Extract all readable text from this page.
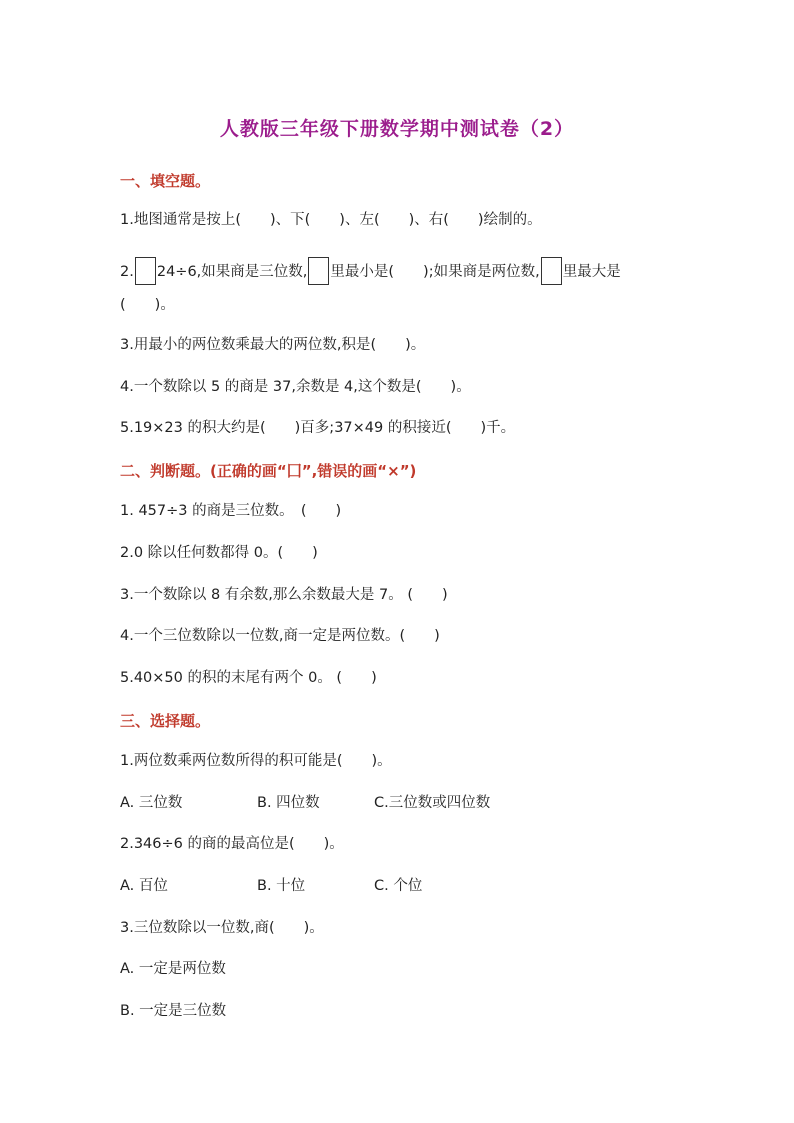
人教版三年级下册数学期中测试卷（2）
一、填空题。
1.地图通常是按上(　　)、下(　　)、左(　　)、右(　　)绘制的。
2. 24÷6,如果商是三位数, 里最小是(　　);如果商是两位数, 里最大是
(　　)。
3.用最小的两位数乘最大的两位数,积是(　　)。
4.一个数除以 5 的商是 37,余数是 4,这个数是(　　)。
5.19×23 的积大约是(　　)百多;37×49 的积接近(　　)千。
二、判断题。(正确的画“囗”,错误的画“×”)
1. 457÷3 的商是三位数。　(　　)
2.0 除以任何数都得 0。(　　)
3.一个数除以 8 有余数,那么余数最大是 7。 (　　)
4.一个三位数除以一位数,商一定是两位数。(　　)
5.40×50 的积的末尾有两个 0。 (　　)
三、选择题。
1.两位数乘两位数所得的积可能是(　　)。
A. 三位数	B. 四位数	C.三位数或四位数
2.346÷6 的商的最高位是(　　)。
A. 百位	B. 十位	C. 个位
3.三位数除以一位数,商(　　)。
A. 一定是两位数
B. 一定是三位数
